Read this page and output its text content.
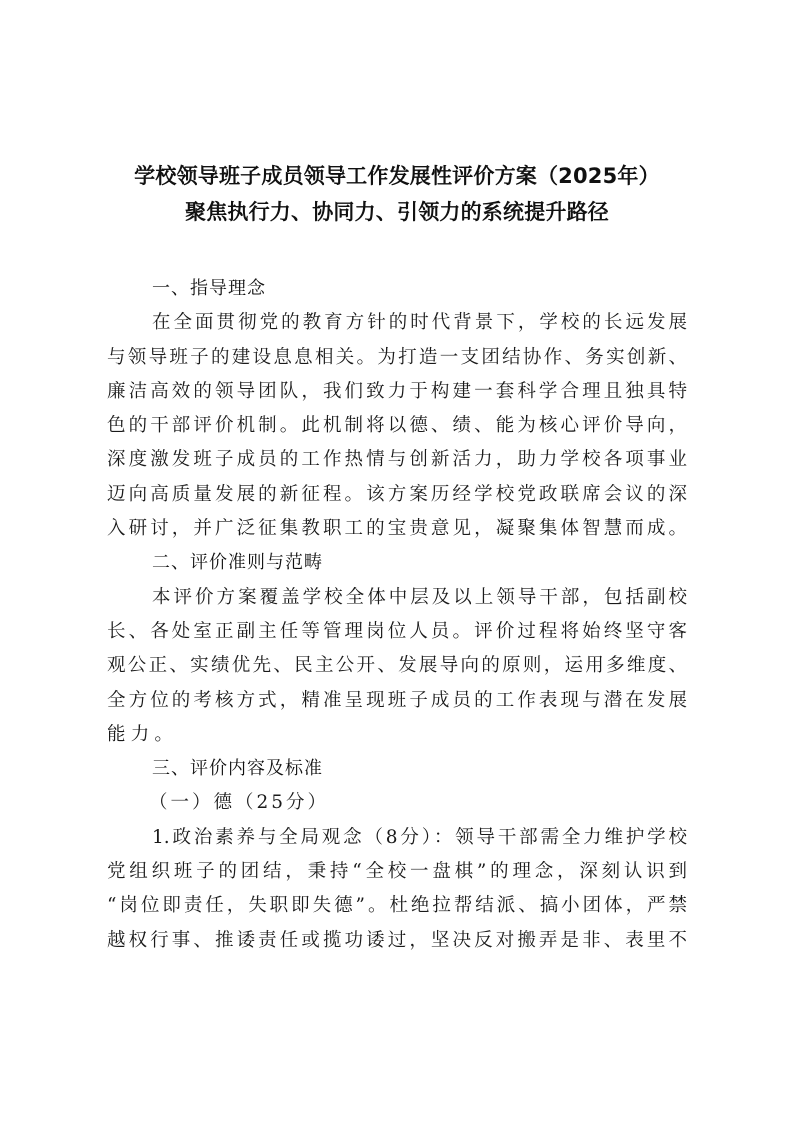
学校领导班子成员领导工作发展性评价方案（2025年）
聚焦执行力、协同力、引领力的系统提升路径
一、指导理念
在全面贯彻党的教育方针的时代背景下，学校的长远发展
与领导班子的建设息息相关。为打造一支团结协作、务实创新、
廉洁高效的领导团队，我们致力于构建一套科学合理且独具特
色的干部评价机制。此机制将以德、绩、能为核心评价导向，
深度激发班子成员的工作热情与创新活力，助力学校各项事业
迈向高质量发展的新征程。该方案历经学校党政联席会议的深
入研讨，并广泛征集教职工的宝贵意见，凝聚集体智慧而成。
二、评价准则与范畴
本评价方案覆盖学校全体中层及以上领导干部，包括副校
长、各处室正副主任等管理岗位人员。评价过程将始终坚守客
观公正、实绩优先、民主公开、发展导向的原则，运用多维度、
全方位的考核方式，精准呈现班子成员的工作表现与潜在发展
能力。
三、评价内容及标准
（一）德（25分）
1.政治素养与全局观念（8分）：领导干部需全力维护学校
党组织班子的团结，秉持“全校一盘棋”的理念，深刻认识到
“岗位即责任，失职即失德”。杜绝拉帮结派、搞小团体，严禁
越权行事、推诿责任或揽功诿过，坚决反对搬弄是非、表里不
